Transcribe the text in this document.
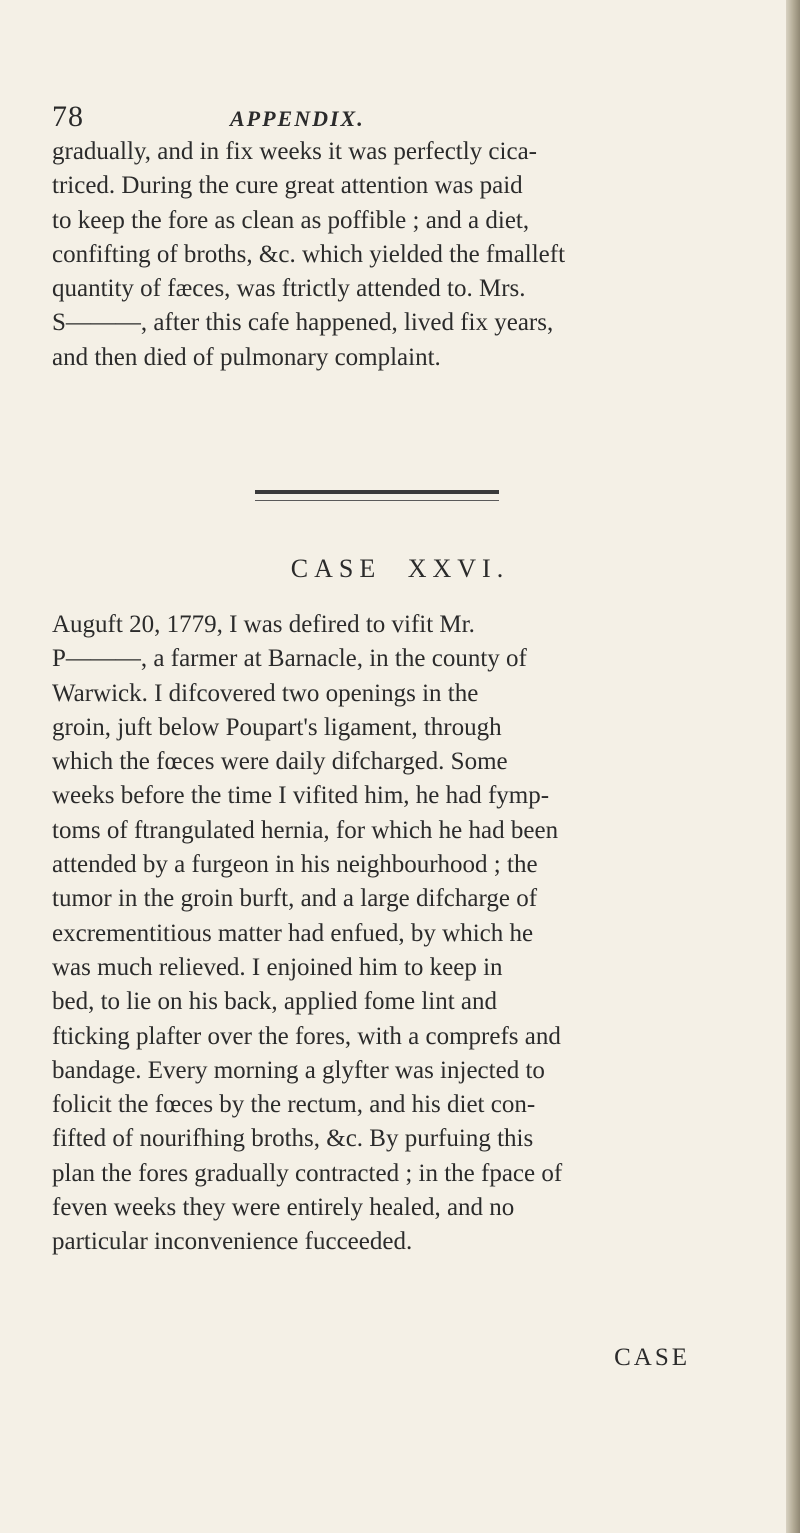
78	APPENDIX.
gradually, and in fix weeks it was perfectly cica-
triced. During the cure great attention was paid
to keep the fore as clean as poffible ; and a diet,
confifting of broths, &c. which yielded the fmalleft
quantity of fæces, was ftrictly attended to. Mrs.
S———, after this cafe happened, lived fix years,
and then died of pulmonary complaint.
CASE XXVI.
Auguft 20, 1779, I was defired to vifit Mr.
P———, a farmer at Barnacle, in the county of
Warwick. I difcovered two openings in the
groin, juft below Poupart's ligament, through
which the fœces were daily difcharged. Some
weeks before the time I vifited him, he had fymp-
toms of ftrangulated hernia, for which he had been
attended by a furgeon in his neighbourhood ; the
tumor in the groin burft, and a large difcharge of
excrementitious matter had enfued, by which he
was much relieved. I enjoined him to keep in
bed, to lie on his back, applied fome lint and
fticking plafter over the fores, with a comprefs and
bandage. Every morning a glyfter was injected to
folicit the fœces by the rectum, and his diet con-
fifted of nourifhing broths, &c. By purfuing this
plan the fores gradually contracted ; in the fpace of
feven weeks they were entirely healed, and no
particular inconvenience fucceeded.
CASE
